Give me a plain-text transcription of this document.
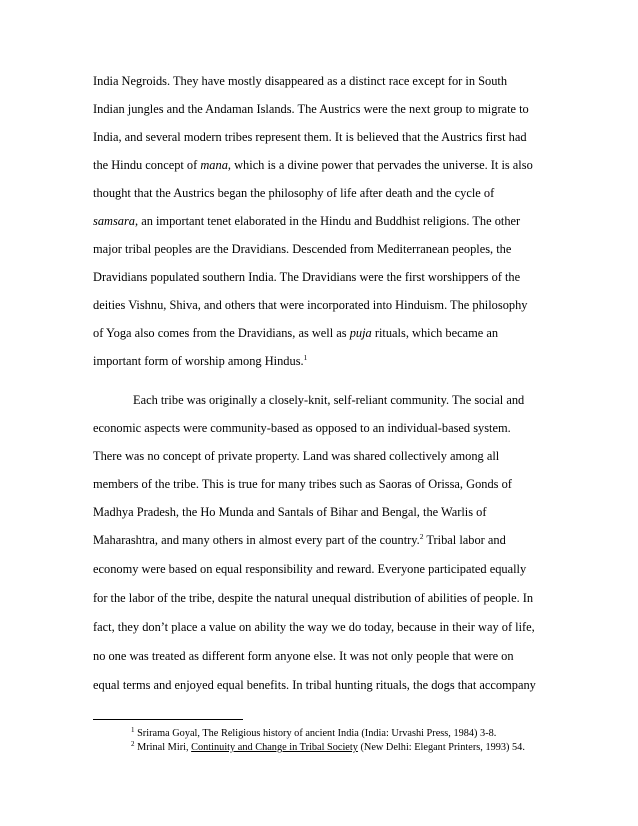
India Negroids. They have mostly disappeared as a distinct race except for in South
Indian jungles and the Andaman Islands. The Austrics were the next group to migrate to
India, and several modern tribes represent them. It is believed that the Austrics first had
the Hindu concept of mana, which is a divine power that pervades the universe. It is also
thought that the Austrics began the philosophy of life after death and the cycle of
samsara, an important tenet elaborated in the Hindu and Buddhist religions. The other
major tribal peoples are the Dravidians. Descended from Mediterranean peoples, the
Dravidians populated southern India. The Dravidians were the first worshippers of the
deities Vishnu, Shiva, and others that were incorporated into Hinduism. The philosophy
of Yoga also comes from the Dravidians, as well as puja rituals, which became an
important form of worship among Hindus.$^1$
Each tribe was originally a closely-knit, self-reliant community. The social and
economic aspects were community-based as opposed to an individual-based system.
There was no concept of private property. Land was shared collectively among all
members of the tribe. This is true for many tribes such as Saoras of Orissa, Gonds of
Madhya Pradesh, the Ho Munda and Santals of Bihar and Bengal, the Warlis of
Maharashtra, and many others in almost every part of the country.$^2$ Tribal labor and
economy were based on equal responsibility and reward. Everyone participated equally
for the labor of the tribe, despite the natural unequal distribution of abilities of people. In
fact, they don’t place a value on ability the way we do today, because in their way of life,
no one was treated as different form anyone else. It was not only people that were on
equal terms and enjoyed equal benefits. In tribal hunting rituals, the dogs that accompany
$^1$ Srirama Goyal, The Religious history of ancient India (India: Urvashi Press, 1984) 3-8.
$^2$ Mrinal Miri, Continuity and Change in Tribal Society (New Delhi: Elegant Printers, 1993) 54.
